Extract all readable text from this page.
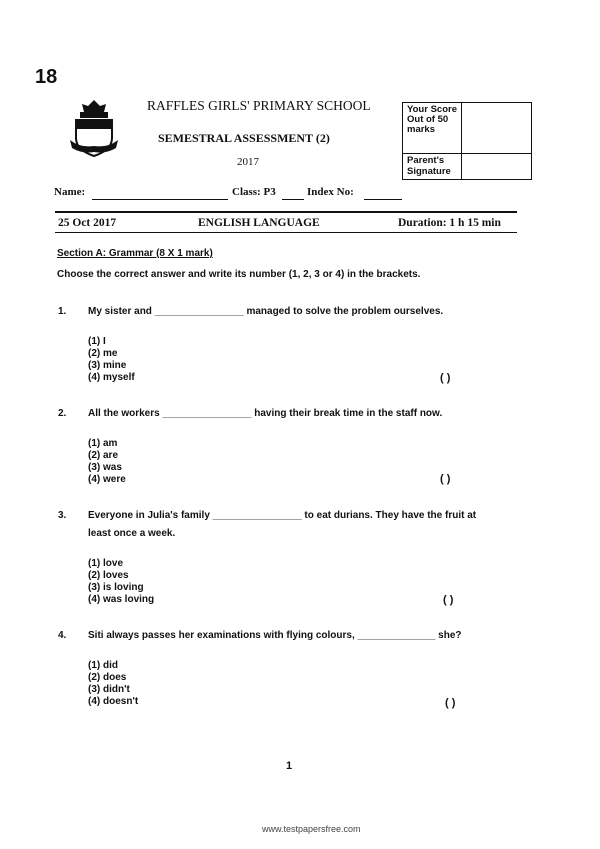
18
RAFFLES GIRLS' PRIMARY SCHOOL
SEMESTRAL ASSESSMENT (2)
2017
Your Score Out of 50 marks
Parent's Signature
Name:	Class: P3	Index No:
25 Oct 2017	ENGLISH LANGUAGE	Duration: 1 h 15 min
Section A: Grammar (8 X 1 mark)
Choose the correct answer and write its number (1, 2, 3 or 4) in the brackets.
1. My sister and ________________ managed to solve the problem ourselves.
(1) I
(2) me
(3) mine
(4) myself	( )
2. All the workers ________________ having their break time in the staff now.
(1) am
(2) are
(3) was
(4) were	( )
3. Everyone in Julia's family ________________ to eat durians. They have the fruit at
least once a week.
(1) love
(2) loves
(3) is loving
(4) was loving	( )
4. Siti always passes her examinations with flying colours, ______________ she?
(1) did
(2) does
(3) didn't
(4) doesn't	( )
1
www.testpapersfree.com
